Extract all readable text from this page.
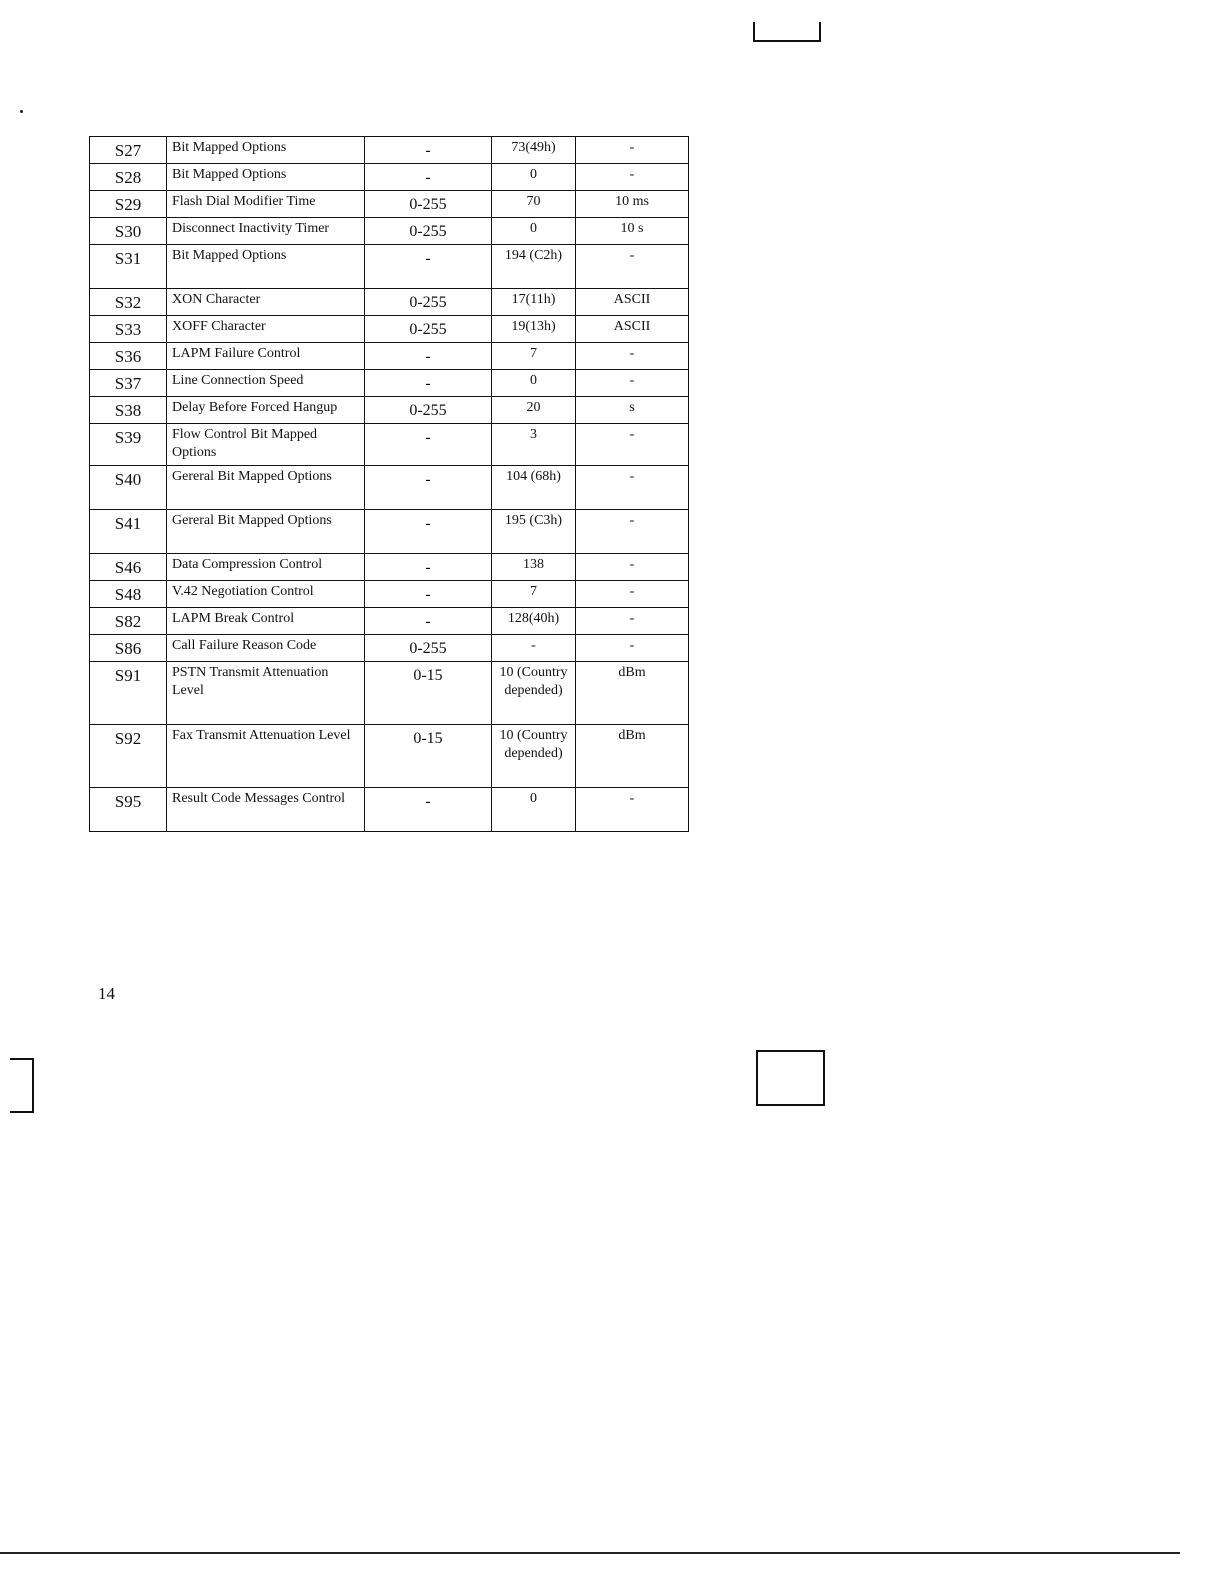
S27	Bit Mapped Options	-	73(49h)	-
S28	Bit Mapped Options	-	0	-
S29	Flash Dial Modifier Time	0-255	70	10 ms
S30	Disconnect Inactivity Timer	0-255	0	10 s
S31	Bit Mapped Options	-	194 (C2h)	-
S32	XON Character	0-255	17(11h)	ASCII
S33	XOFF Character	0-255	19(13h)	ASCII
S36	LAPM Failure Control	-	7	-
S37	Line Connection Speed	-	0	-
S38	Delay Before Forced Hangup	0-255	20	s
S39	Flow Control Bit Mapped Options	-	3	-
S40	Gereral Bit Mapped Options	-	104 (68h)	-
S41	Gereral Bit Mapped Options	-	195 (C3h)	-
S46	Data Compression Control	-	138	-
S48	V.42 Negotiation Control	-	7	-
S82	LAPM Break Control	-	128(40h)	-
S86	Call Failure Reason Code	0-255	-	-
S91	PSTN Transmit Attenuation Level	0-15	10 (Country depended)	dBm
S92	Fax Transmit Attenuation Level	0-15	10 (Country depended)	dBm
S95	Result Code Messages Control	-	0	-
14
